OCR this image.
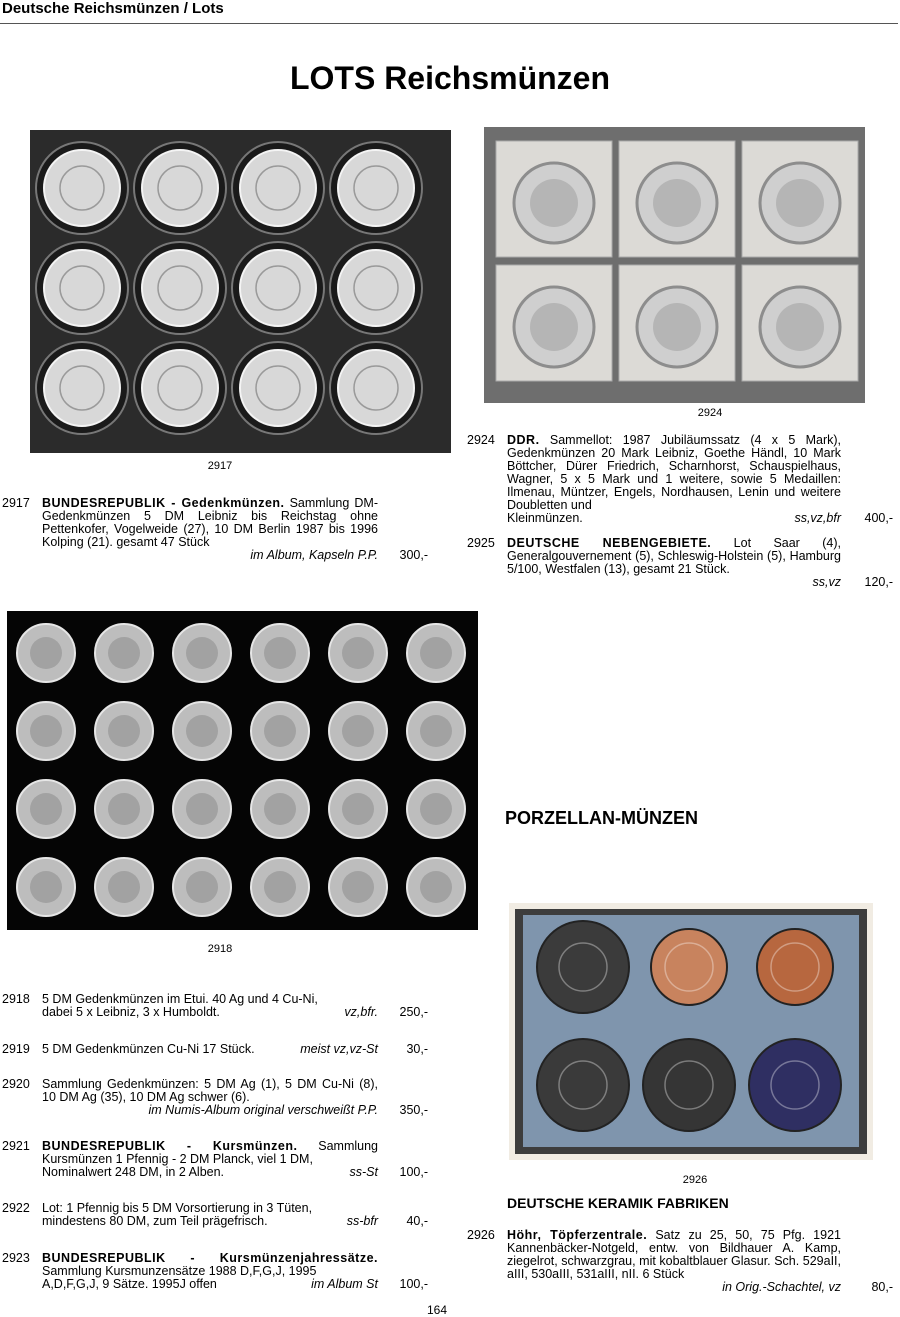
Deutsche Reichsmünzen / Lots
LOTS Reichsmünzen
2917
2924
2917 BUNDESREPUBLIK - Gedenkmünzen. Sammlung DM-Gedenkmünzen 5 DM Leibniz bis Reichstag ohne Pettenkofer, Vogelweide (27), 10 DM Berlin 1987 bis 1996 Kolping (21). gesamt 47 Stück
im Album, Kapseln P.P.	300,-
2924 DDR. Sammellot: 1987 Jubiläumssatz (4 x 5 Mark), Gedenkmünzen 20 Mark Leibniz, Goethe Händl, 10 Mark Böttcher, Dürer Friedrich, Scharnhorst, Schauspielhaus, Wagner, 5 x 5 Mark und 1 weitere, sowie 5 Medaillen: Ilmenau, Müntzer, Engels, Nordhausen, Lenin und weitere Doubletten und
Kleinmünzen.	ss,vz,bfr	400,-
2925 DEUTSCHE NEBENGEBIETE. Lot Saar (4), Generalgouvernement (5), Schleswig-Holstein (5), Hamburg 5/100, Westfalen (13), gesamt 21 Stück.
ss,vz	120,-
2918
PORZELLAN-MÜNZEN
2926
2918 5 DM Gedenkmünzen im Etui. 40 Ag und 4 Cu-Ni,
dabei 5 x Leibniz, 3 x Humboldt.	vz,bfr.	250,-
2919 5 DM Gedenkmünzen Cu-Ni 17 Stück.	meist vz,vz-St	30,-
2920 Sammlung Gedenkmünzen: 5 DM Ag (1), 5 DM Cu-Ni (8), 10 DM Ag (35), 10 DM Ag schwer (6).
im Numis-Album original verschweißt P.P.	350,-
2921 BUNDESREPUBLIK - Kursmünzen. Sammlung Kursmünzen 1 Pfennig - 2 DM Planck, viel 1 DM,
Nominalwert 248 DM, in 2 Alben.	ss-St	100,-
2922 Lot: 1 Pfennig bis 5 DM Vorsortierung in 3 Tüten,
mindestens 80 DM, zum Teil prägefrisch.	ss-bfr	40,-
2923 BUNDESREPUBLIK - Kursmünzenjahressätze. Sammlung Kursmunzensätze 1988 D,F,G,J, 1995
A,D,F,G,J, 9 Sätze. 1995J offen	im Album St	100,-
DEUTSCHE KERAMIK FABRIKEN
2926 Höhr, Töpferzentrale. Satz zu 25, 50, 75 Pfg. 1921 Kannenbäcker-Notgeld, entw. von Bildhauer A. Kamp, ziegelrot, schwarzgrau, mit kobaltblauer Glasur. Sch. 529aII, aIII, 530aIII, 531aIII, nII. 6 Stück
in Orig.-Schachtel, vz	80,-
164
